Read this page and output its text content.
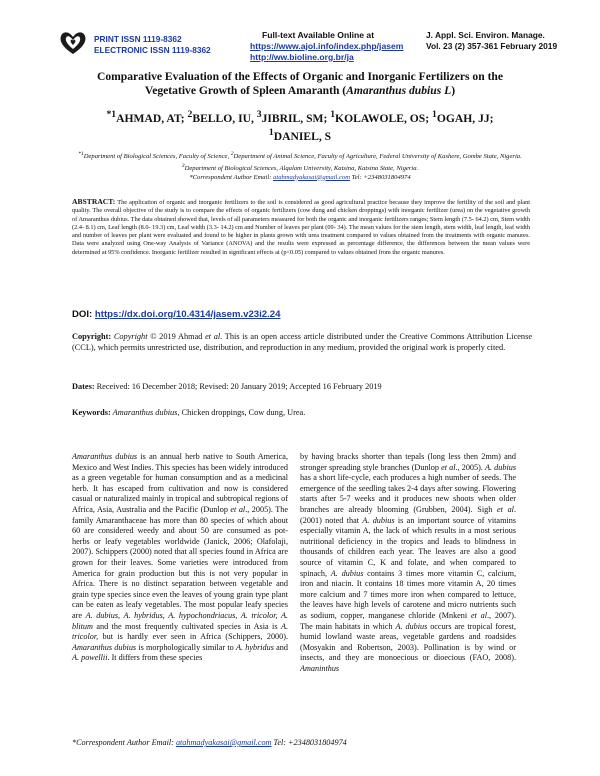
PRINT ISSN 1119-8362
ELECTRONIC ISSN 1119-8362
Full-text Available Online at
https://www.ajol.info/index.php/jasem
http://ww.bioline.org.br/ja
J. Appl. Sci. Environ. Manage.
Vol. 23 (2) 357-361 February 2019
Comparative Evaluation of the Effects of Organic and Inorganic Fertilizers on the
Vegetative Growth of Spleen Amaranth (Amaranthus dubius L)
$^{*1}$AHMAD, AT; $^2$BELLO, IU, $^3$JIBRIL, SM; $^1$KOLAWOLE, OS; $^1$OGAH, JJ;
$^1$DANIEL, S
$^{*1}$Department of Biological Sciences, Faculty of Science, $^2$Department of Animal Science, Faculty of Agriculture, Federal University of Kashere, Gombe State, Nigeria.
$^3$Department of Biological Sciences, Alqalam University, Katsina, Katsina State, Nigeria.
*Correspondent Author Email: atahmadyakasai@gmail.com Tel: +2348031804974
ABSTRACT: The application of organic and inorganic fertilizers to the soil is considered as good agricultural practice because they improve the fertility of the soil and plant quality. The overall objective of the study is to compare the effects of organic fertilizers (cow dung and chicken droppings) with inorganic fertilizer (urea) on the vegetative growth of Amaranthus dubius. The data obtained showed that, levels of all parameters measured for both the organic and inorganic fertilizers ranges; Stem length (7.5- 64.2) cm, Stem width (2.4- 8.1) cm, Leaf length (8.0- 19.3) cm, Leaf width (3.3- 14.2) cm and Number of leaves per plant (09- 34). The mean values for the stem length, stem width, leaf length, leaf width and number of leaves per plant were evaluated and found to be higher in plants grown with urea treatment compared to values obtained from the treatments with organic manures. Data were analyzed using One-way Analysis of Variance (ANOVA) and the results were expressed as percentage difference, the differences between the mean values were determined at 95% confidence. Inorganic fertilizer resulted in significant effects at (p<0.05) compared to values obtained from the organic manures.
DOI: https://dx.doi.org/10.4314/jasem.v23i2.24
Copyright: Copyright © 2019 Ahmad et al. This is an open access article distributed under the Creative Commons Attribution License (CCL), which permits unrestricted use, distribution, and reproduction in any medium, provided the original work is properly cited.
Dates: Received: 16 December 2018; Revised: 20 January 2019; Accepted 16 February 2019
Keywords: Amaranthus dubius, Chicken droppings, Cow dung, Urea.
Amaranthus dubius is an annual herb native to South America, Mexico and West Indies. This species has been widely introduced as a green vegetable for human consumption and as a medicinal herb. It has escaped from cultivation and now is considered casual or naturalized mainly in tropical and subtropical regions of Africa, Asia, Australia and the Pacific (Dunlop et al., 2005). The family Amaranthaceae has more than 80 species of which about 60 are considered weedy and about 50 are consumed as pot- herbs or leafy vegetables worldwide (Janick, 2006; Olafolaji, 2007). Schippers (2000) noted that all species found in Africa are grown for their leaves. Some varieties were introduced from America for grain production but this is not very popular in Africa. There is no distinct separation between vegetable and grain type species since even the leaves of young grain type plant can be eaten as leafy vegetables. The most popular leafy species are A. dubius, A. hybridus, A. hypochondriacus, A. tricolor, A. blitum and the most frequently cultivated species in Asia is A. tricolor, but is hardly ever seen in Africa (Schippers, 2000). Amaranthus dubius is morphologically similar to A. hybridus and A. powellii. It differs from these species
by having bracks shorter than tepals (long less then 2mm) and stronger spreading style branches (Dunlop et al., 2005). A. dubius has a short life-cycle, each produces a high number of seeds. The emergence of the seedling takes 2-4 days after sowing. Flowering starts after 5-7 weeks and it produces new shoots when older branches are already blooming (Grubben, 2004). Sigh et al. (2001) noted that A. dubius is an important source of vitamins especially vitamin A, the lack of which results in a most serious nutritional deficiency in the tropics and leads to blindness in thousands of children each year. The leaves are also a good source of vitamin C, K and folate, and when compared to spinach, A. dubius contains 3 times more vitamin C, calcium, iron and niacin. It contains 18 times more vitamin A, 20 times more calcium and 7 times more iron when compared to lettuce, the leaves have high levels of carotene and micro nutrients such as sodium, copper, manganese chloride (Mnkeni et al., 2007). The main habitats in which A. dubius occurs are tropical forest, humid lowland waste areas, vegetable gardens and roadsides (Mosyakin and Robertson, 2003). Pollination is by wind or insects, and they are monoecious or dioecious (FAO, 2008). Amaninthus
*Correspondent Author Email: atahmadyakasai@gmail.com Tel: +2348031804974
